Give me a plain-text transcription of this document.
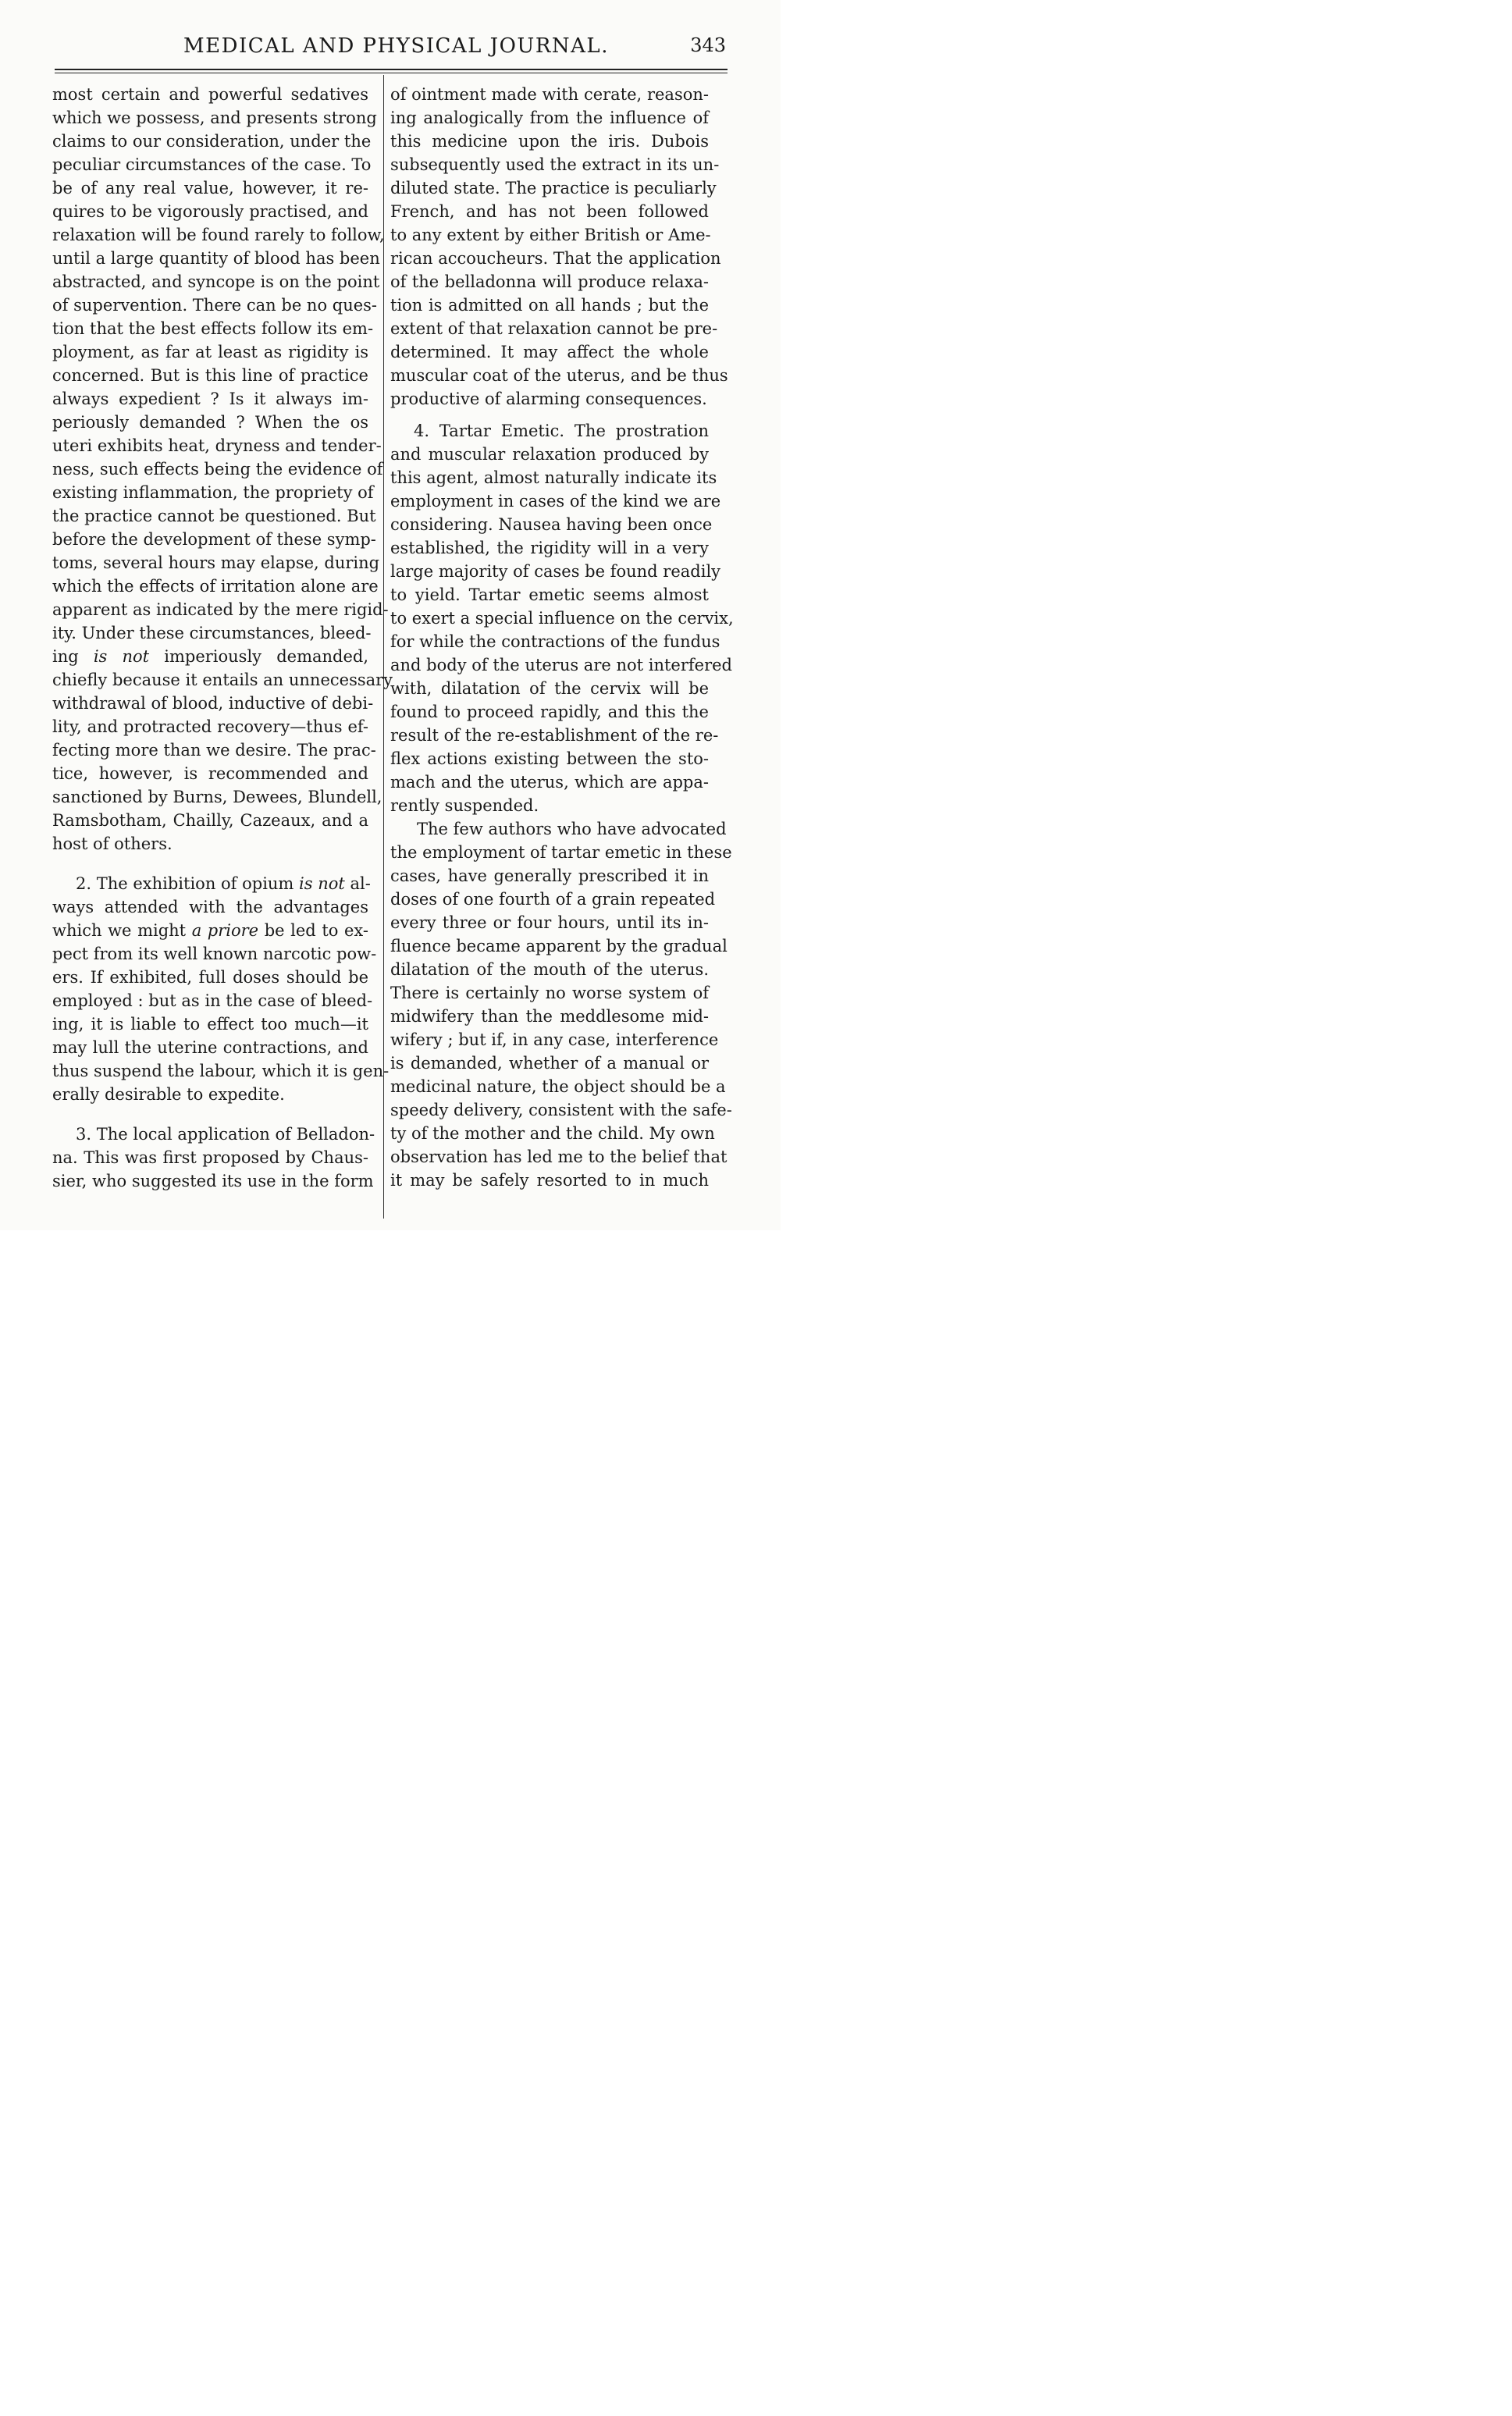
MEDICAL AND PHYSICAL JOURNAL.	343
most certain and powerful sedatives
which we possess, and presents strong
claims to our consideration, under the
peculiar circumstances of the case. To
be of any real value, however, it re-
quires to be vigorously practised, and
relaxation will be found rarely to follow,
until a large quantity of blood has been
abstracted, and syncope is on the point
of supervention. There can be no ques-
tion that the best effects follow its em-
ployment, as far at least as rigidity is
concerned. But is this line of practice
always expedient ? Is it always im-
periously demanded ? When the os
uteri exhibits heat, dryness and tender-
ness, such effects being the evidence of
existing inflammation, the propriety of
the practice cannot be questioned. But
before the development of these symp-
toms, several hours may elapse, during
which the effects of irritation alone are
apparent as indicated by the mere rigid-
ity. Under these circumstances, bleed-
ing is not imperiously demanded,
chiefly because it entails an unnecessary
withdrawal of blood, inductive of debi-
lity, and protracted recovery—thus ef-
fecting more than we desire. The prac-
tice, however, is recommended and
sanctioned by Burns, Dewees, Blundell,
Ramsbotham, Chailly, Cazeaux, and a
host of others.
2. The exhibition of opium is not al-
ways attended with the advantages
which we might a priore be led to ex-
pect from its well known narcotic pow-
ers. If exhibited, full doses should be
employed : but as in the case of bleed-
ing, it is liable to effect too much—it
may lull the uterine contractions, and
thus suspend the labour, which it is gen-
erally desirable to expedite.
3. The local application of Belladon-
na. This was first proposed by Chaus-
sier, who suggested its use in the form
of ointment made with cerate, reason-
ing analogically from the influence of
this medicine upon the iris. Dubois
subsequently used the extract in its un-
diluted state. The practice is peculiarly
French, and has not been followed
to any extent by either British or Ame-
rican accoucheurs. That the application
of the belladonna will produce relaxa-
tion is admitted on all hands ; but the
extent of that relaxation cannot be pre-
determined. It may affect the whole
muscular coat of the uterus, and be thus
productive of alarming consequences.
4. Tartar Emetic. The prostration
and muscular relaxation produced by
this agent, almost naturally indicate its
employment in cases of the kind we are
considering. Nausea having been once
established, the rigidity will in a very
large majority of cases be found readily
to yield. Tartar emetic seems almost
to exert a special influence on the cervix,
for while the contractions of the fundus
and body of the uterus are not interfered
with, dilatation of the cervix will be
found to proceed rapidly, and this the
result of the re-establishment of the re-
flex actions existing between the sto-
mach and the uterus, which are appa-
rently suspended.
The few authors who have advocated
the employment of tartar emetic in these
cases, have generally prescribed it in
doses of one fourth of a grain repeated
every three or four hours, until its in-
fluence became apparent by the gradual
dilatation of the mouth of the uterus.
There is certainly no worse system of
midwifery than the meddlesome mid-
wifery ; but if, in any case, interference
is demanded, whether of a manual or
medicinal nature, the object should be a
speedy delivery, consistent with the safe-
ty of the mother and the child. My own
observation has led me to the belief that
it may be safely resorted to in much
